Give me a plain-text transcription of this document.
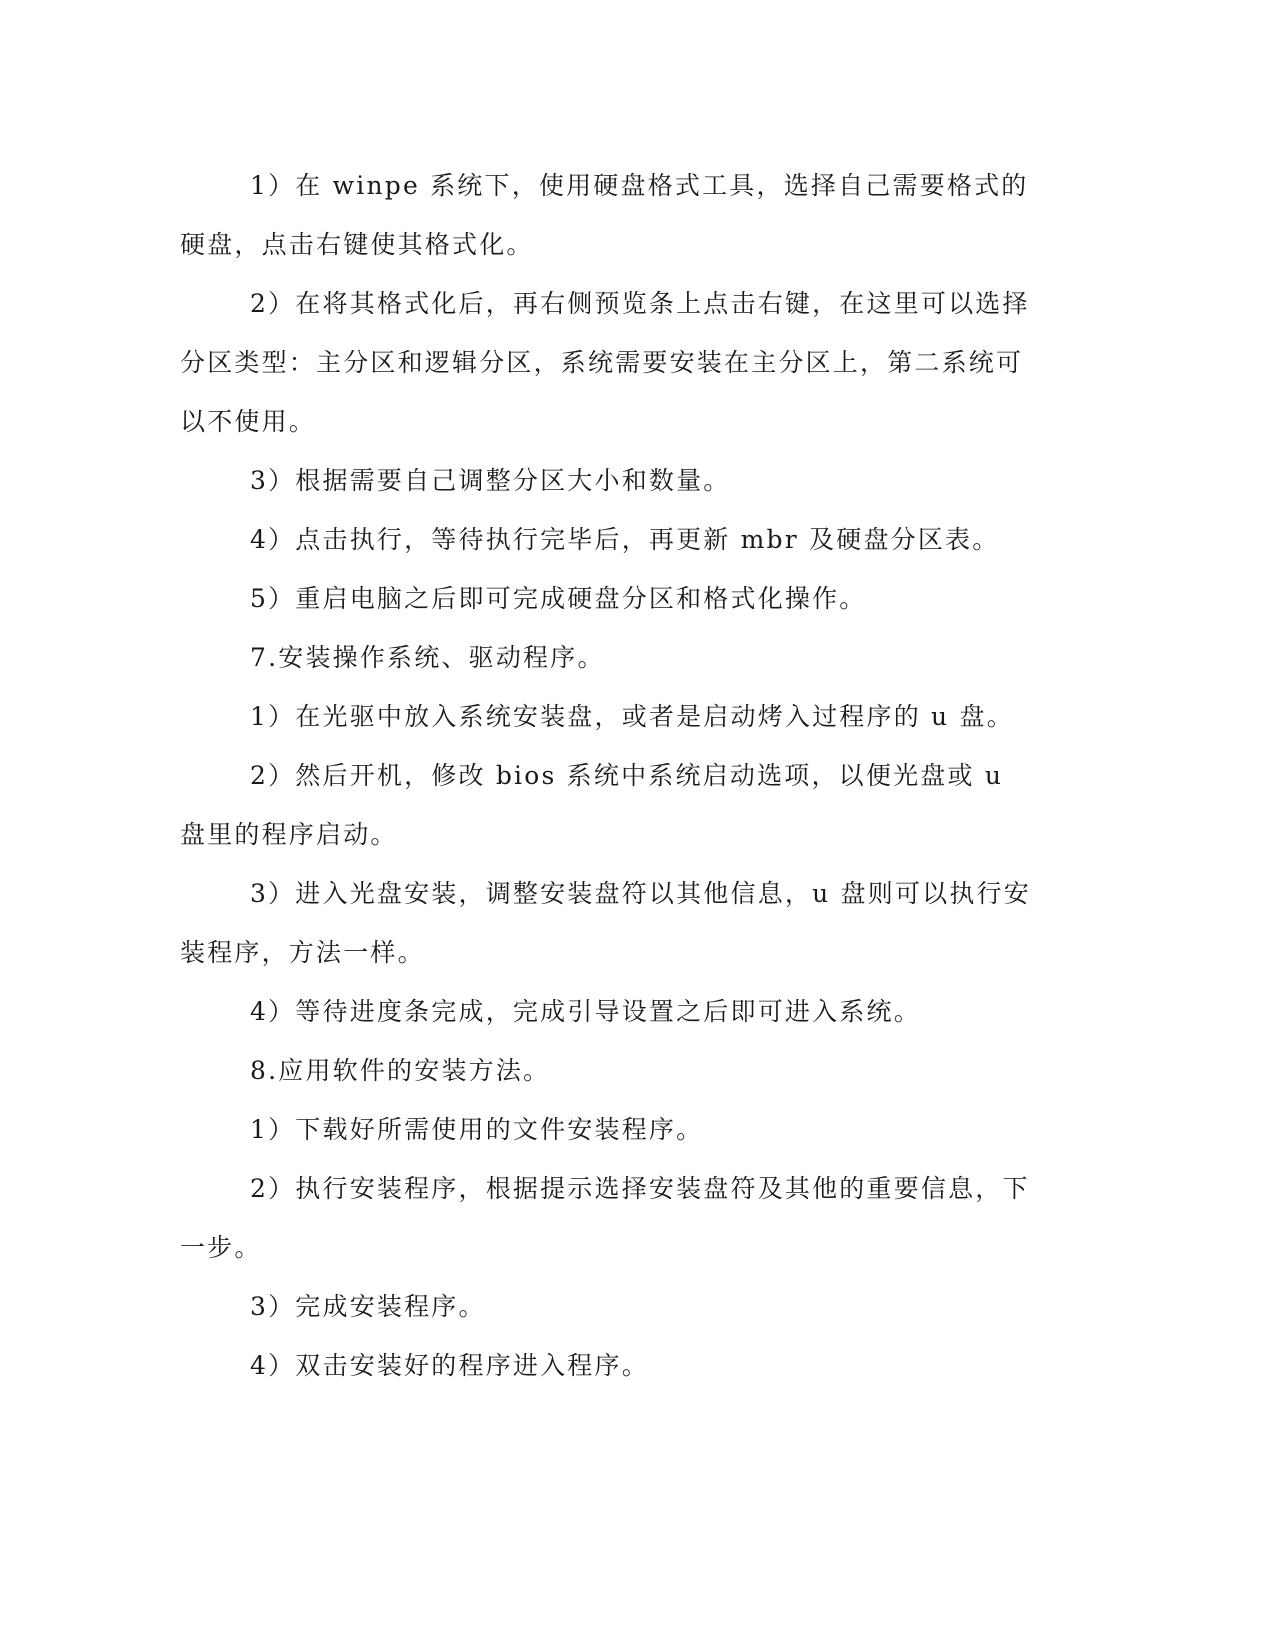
1）在 winpe 系统下，使用硬盘格式工具，选择自己需要格式的硬盘，点击右键使其格式化。

2）在将其格式化后，再右侧预览条上点击右键，在这里可以选择分区类型：主分区和逻辑分区，系统需要安装在主分区上，第二系统可以不使用。

3）根据需要自己调整分区大小和数量。

4）点击执行，等待执行完毕后，再更新 mbr 及硬盘分区表。

5）重启电脑之后即可完成硬盘分区和格式化操作。

7.安装操作系统、驱动程序。

1）在光驱中放入系统安装盘，或者是启动烤入过程序的 u 盘。

2）然后开机，修改 bios 系统中系统启动选项，以便光盘或 u 盘里的程序启动。

3）进入光盘安装，调整安装盘符以其他信息，u 盘则可以执行安装程序，方法一样。

4）等待进度条完成，完成引导设置之后即可进入系统。

8.应用软件的安装方法。

1）下载好所需使用的文件安装程序。

2）执行安装程序，根据提示选择安装盘符及其他的重要信息，下一步。

3）完成安装程序。

4）双击安装好的程序进入程序。
